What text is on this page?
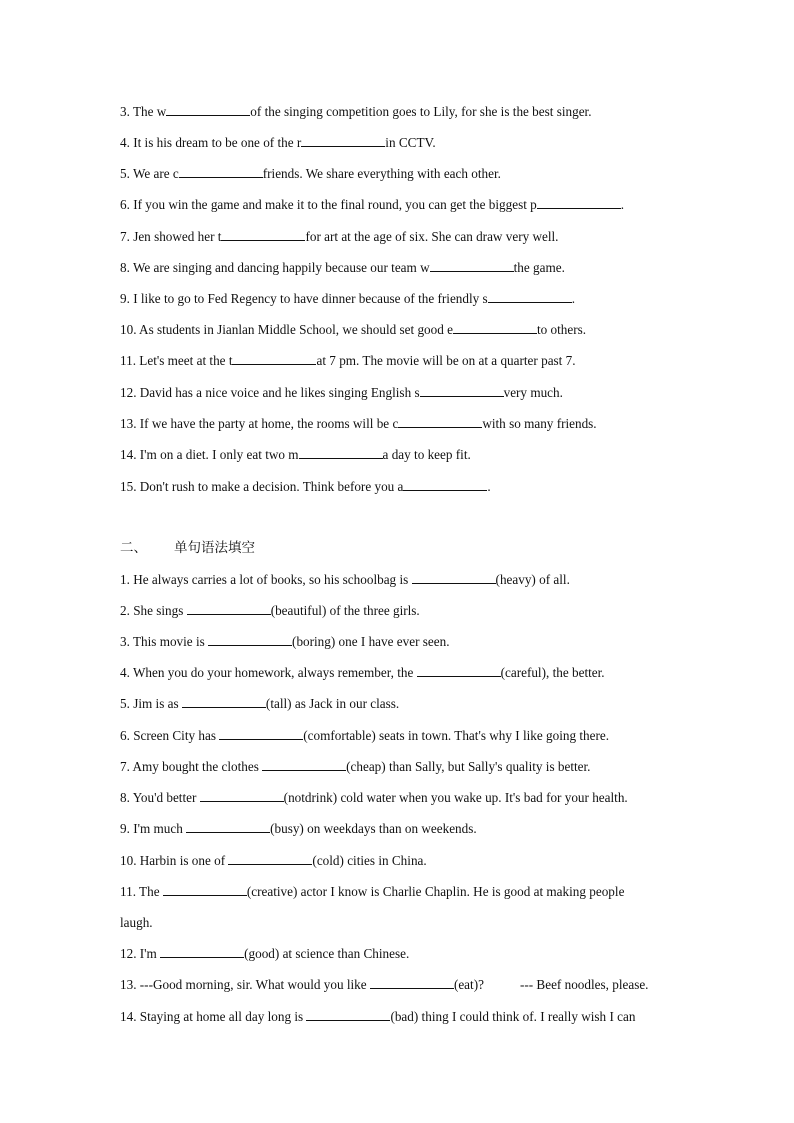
3. The w	of the singing competition goes to Lily, for she is the best singer.
4. It is his dream to be one of the r	in CCTV.
5. We are c	friends. We share everything with each other.
6. If you win the game and make it to the final round, you can get the biggest p	.
7. Jen showed her t	for art at the age of six. She can draw very well.
8. We are singing and dancing happily because our team w	the game.
9. I like to go to Fed Regency to have dinner because of the friendly s	.
10. As students in Jianlan Middle School, we should set good e	to others.
11. Let's meet at the t	at 7 pm. The movie will be on at a quarter past 7.
12. David has a nice voice and he likes singing English s	very much.
13. If we have the party at home, the rooms will be c	with so many friends.
14. I'm on a diet. I only eat two m	a day to keep fit.
15. Don't rush to make a decision. Think before you a	.
二、 单句语法填空
1. He always carries a lot of books, so his schoolbag is	(heavy) of all.
2. She sings	(beautiful) of the three girls.
3. This movie is	(boring) one I have ever seen.
4. When you do your homework, always remember, the	(careful), the better.
5. Jim is as	(tall) as Jack in our class.
6. Screen City has	(comfortable) seats in town. That's why I like going there.
7. Amy bought the clothes	(cheap) than Sally, but Sally's quality is better.
8. You'd better	(notdrink) cold water when you wake up. It's bad for your health.
9. I'm much	(busy) on weekdays than on weekends.
10. Harbin is one of	(cold) cities in China.
11. The	(creative) actor I know is Charlie Chaplin. He is good at making people
laugh.
12. I'm	(good) at science than Chinese.
13. ---Good morning, sir. What would you like	(eat)?	--- Beef noodles, please.
14. Staying at home all day long is	(bad) thing I could think of. I really wish I can
